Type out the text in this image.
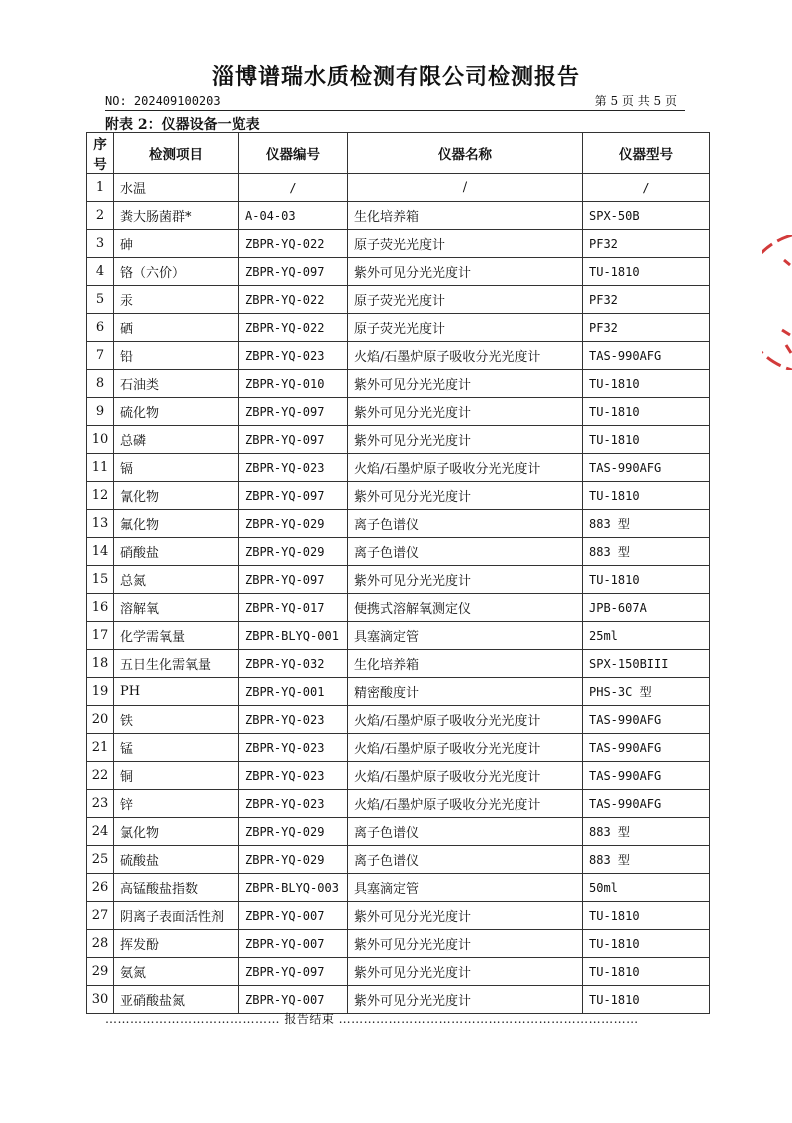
淄博谱瑞水质检测有限公司检测报告
NO: 202409100203	第 5 页 共 5 页
附表 2：仪器设备一览表
序号	检测项目	仪器编号	仪器名称	仪器型号
1	水温	/	/	/
2	粪大肠菌群*	A-04-03	生化培养箱	SPX-50B
3	砷	ZBPR-YQ-022	原子荧光光度计	PF32
4	铬（六价）	ZBPR-YQ-097	紫外可见分光光度计	TU-1810
5	汞	ZBPR-YQ-022	原子荧光光度计	PF32
6	硒	ZBPR-YQ-022	原子荧光光度计	PF32
7	铅	ZBPR-YQ-023	火焰/石墨炉原子吸收分光光度计	TAS-990AFG
8	石油类	ZBPR-YQ-010	紫外可见分光光度计	TU-1810
9	硫化物	ZBPR-YQ-097	紫外可见分光光度计	TU-1810
10	总磷	ZBPR-YQ-097	紫外可见分光光度计	TU-1810
11	镉	ZBPR-YQ-023	火焰/石墨炉原子吸收分光光度计	TAS-990AFG
12	氰化物	ZBPR-YQ-097	紫外可见分光光度计	TU-1810
13	氟化物	ZBPR-YQ-029	离子色谱仪	883 型
14	硝酸盐	ZBPR-YQ-029	离子色谱仪	883 型
15	总氮	ZBPR-YQ-097	紫外可见分光光度计	TU-1810
16	溶解氧	ZBPR-YQ-017	便携式溶解氧测定仪	JPB-607A
17	化学需氧量	ZBPR-BLYQ-001	具塞滴定管	25ml
18	五日生化需氧量	ZBPR-YQ-032	生化培养箱	SPX-150BIII
19	PH	ZBPR-YQ-001	精密酸度计	PHS-3C 型
20	铁	ZBPR-YQ-023	火焰/石墨炉原子吸收分光光度计	TAS-990AFG
21	锰	ZBPR-YQ-023	火焰/石墨炉原子吸收分光光度计	TAS-990AFG
22	铜	ZBPR-YQ-023	火焰/石墨炉原子吸收分光光度计	TAS-990AFG
23	锌	ZBPR-YQ-023	火焰/石墨炉原子吸收分光光度计	TAS-990AFG
24	氯化物	ZBPR-YQ-029	离子色谱仪	883 型
25	硫酸盐	ZBPR-YQ-029	离子色谱仪	883 型
26	高锰酸盐指数	ZBPR-BLYQ-003	具塞滴定管	50ml
27	阴离子表面活性剂	ZBPR-YQ-007	紫外可见分光光度计	TU-1810
28	挥发酚	ZBPR-YQ-007	紫外可见分光光度计	TU-1810
29	氨氮	ZBPR-YQ-097	紫外可见分光光度计	TU-1810
30	亚硝酸盐氮	ZBPR-YQ-007	紫外可见分光光度计	TU-1810
…………………………………… 报告结束 ………………………………………………………………
